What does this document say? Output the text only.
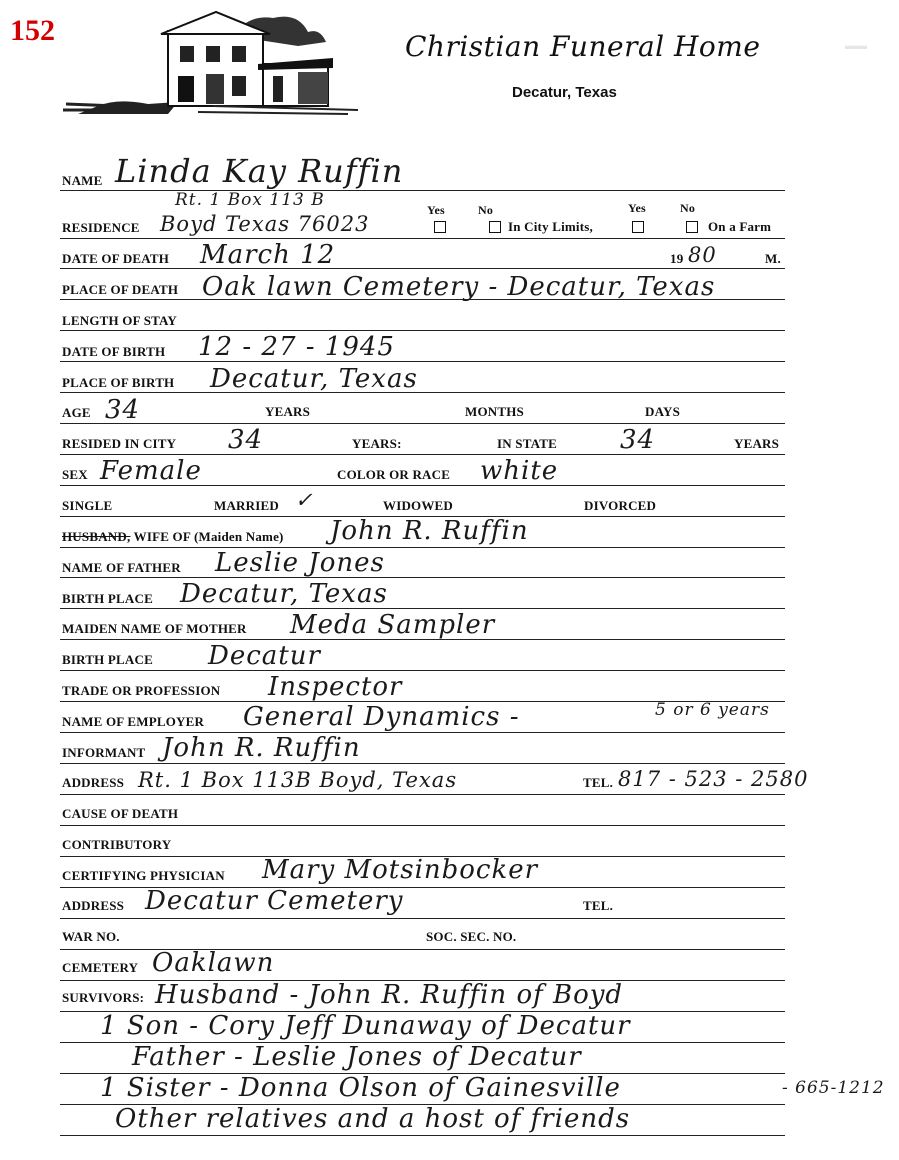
152	Christian Funeral Home
Decatur, Texas
▬▬
NAME Linda Kay Ruffin
Rt. 1 Box 113 B
RESIDENCE Boyd Texas 76023
Yes	No
In City Limits,
Yes	No
On a Farm
DATE OF DEATH March 12	19 80	M.
PLACE OF DEATH Oak lawn Cemetery - Decatur, Texas
LENGTH OF STAY
DATE OF BIRTH 12 - 27 - 1945
PLACE OF BIRTH Decatur, Texas
AGE 34	YEARS	MONTHS	DAYS
RESIDED IN CITY 34	YEARS:	IN STATE 34	YEARS
SEX Female	COLOR OR RACE white
SINGLE	MARRIED ✓	WIDOWED	DIVORCED
HUSBAND, WIFE OF (Maiden Name) John R. Ruffin
NAME OF FATHER Leslie Jones
BIRTH PLACE Decatur, Texas
MAIDEN NAME OF MOTHER Meda Sampler
BIRTH PLACE Decatur
TRADE OR PROFESSION Inspector
NAME OF EMPLOYER General Dynamics -	5 or 6 years
INFORMANT John R. Ruffin
ADDRESS Rt. 1 Box 113B Boyd, Texas	TEL. 817 - 523 - 2580
CAUSE OF DEATH
CONTRIBUTORY
CERTIFYING PHYSICIAN Mary Motsinbocker
ADDRESS Decatur Cemetery	TEL.
WAR NO.	SOC. SEC. NO.
CEMETERY Oaklawn
SURVIVORS: Husband - John R. Ruffin of Boyd
1 Son - Cory Jeff Dunaway of Decatur
Father - Leslie Jones of Decatur
1 Sister - Donna Olson of Gainesville	- 665-1212
Other relatives and a host of friends
